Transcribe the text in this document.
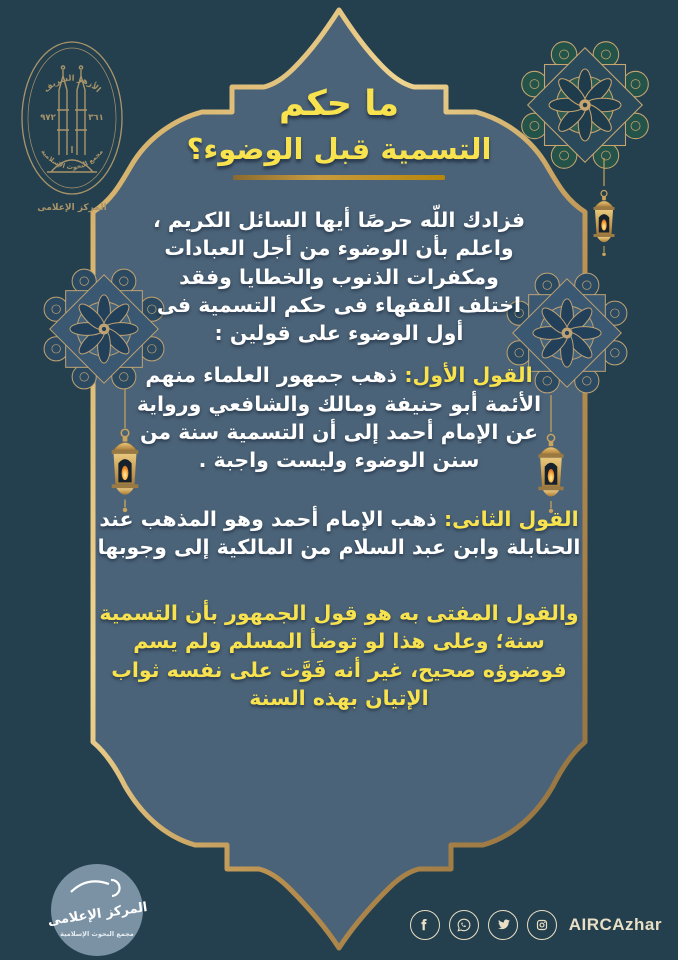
الأزهر الشريف
٩٧٢	٣٦١
مجمع البحوث الإسلامية
المركز الإعلامى
المركز الإعلامى
مجمع البحوث الإسلامية
ما حكم
التسمية قبل الوضوء؟

فزادك اللّه حرصًا أيها السائل الكريم ، واعلم بأن الوضوء من أجل العبادات ومكفرات الذنوب والخطايا وفقد اختلف الفقهاء فى حكم التسمية فى أول الوضوء على قولين :

القول الأول: ذهب جمهور العلماء منهم الأئمة أبو حنيفة ومالك والشافعي ورواية عن الإمام أحمد إلى أن التسمية سنة من سنن الوضوء وليست واجبة .

القول الثانى: ذهب الإمام أحمد وهو المذهب عند الحنابلة وابن عبد السلام من المالكية إلى وجوبها

والقول المفتى به هو قول الجمهور بأن التسمية سنة؛ وعلى هذا لو توضأ المسلم ولم يسم فوضوؤه صحيح، غير أنه فَوَّت على نفسه ثواب الإتيان بهذه السنة

AIRCAzhar
